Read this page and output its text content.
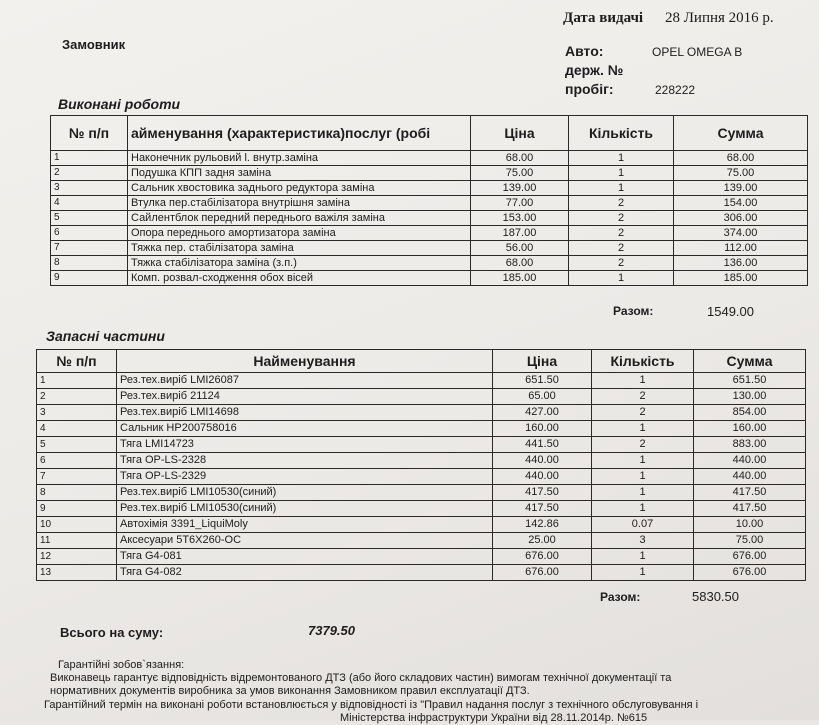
Дата видачі 28 Липня 2016 р.
Замовник	Авто:	OPEL OMEGA B
держ. №
пробіг:	228222
Виконані роботи
№ п/п	айменування (характеристика)послуг (робі	Ціна	Кількість	Сумма
1	Наконечник рульовий l. внутр.заміна	68.00	1	68.00
2	Подушка КПП задня заміна	75.00	1	75.00
3	Сальник хвостовика заднього редуктора заміна	139.00	1	139.00
4	Втулка пер.стабілізатора внутрішня заміна	77.00	2	154.00
5	Сайлентблок передний переднього важіля заміна	153.00	2	306.00
6	Опора переднього амортизатора заміна	187.00	2	374.00
7	Тяжка пер. стабілізатора заміна	56.00	2	112.00
8	Тяжка стабілізатора заміна (з.п.)	68.00	2	136.00
9	Комп. розвал-сходження обох вісей	185.00	1	185.00
Разом:	1549.00
Запасні частини
№ п/п	Найменування	Ціна	Кількість	Сумма
1	Рез.тех.виріб LMI26087	651.50	1	651.50
2	Рез.тех.виріб 21124	65.00	2	130.00
3	Рез.тех.виріб LMI14698	427.00	2	854.00
4	Сальник HP200758016	160.00	1	160.00
5	Тяга LMI14723	441.50	2	883.00
6	Тяга OP-LS-2328	440.00	1	440.00
7	Тяга OP-LS-2329	440.00	1	440.00
8	Рез.тех.виріб LMI10530(синий)	417.50	1	417.50
9	Рез.тех.виріб LMI10530(синий)	417.50	1	417.50
10	Автохімія 3391_LiquiMoly	142.86	0.07	10.00
11	Аксесуари 5T6X260-OC	25.00	3	75.00
12	Тяга G4-081	676.00	1	676.00
13	Тяга G4-082	676.00	1	676.00
Разом:	5830.50
Всього на суму:	7379.50
Гарантійні зобов`язання:
Виконавець гарантує відповідність відремонтованого ДТЗ (або його складових частин) вимогам технічної документації та
нормативних документів виробника за умов виконання Замовником правил експлуатації ДТЗ.
Гарантійний термін на виконані роботи встановлюється у відповідності із "Правил надання послуг з технічного обслуговування і
Міністерства інфраструктури України від 28.11.2014р. №615
